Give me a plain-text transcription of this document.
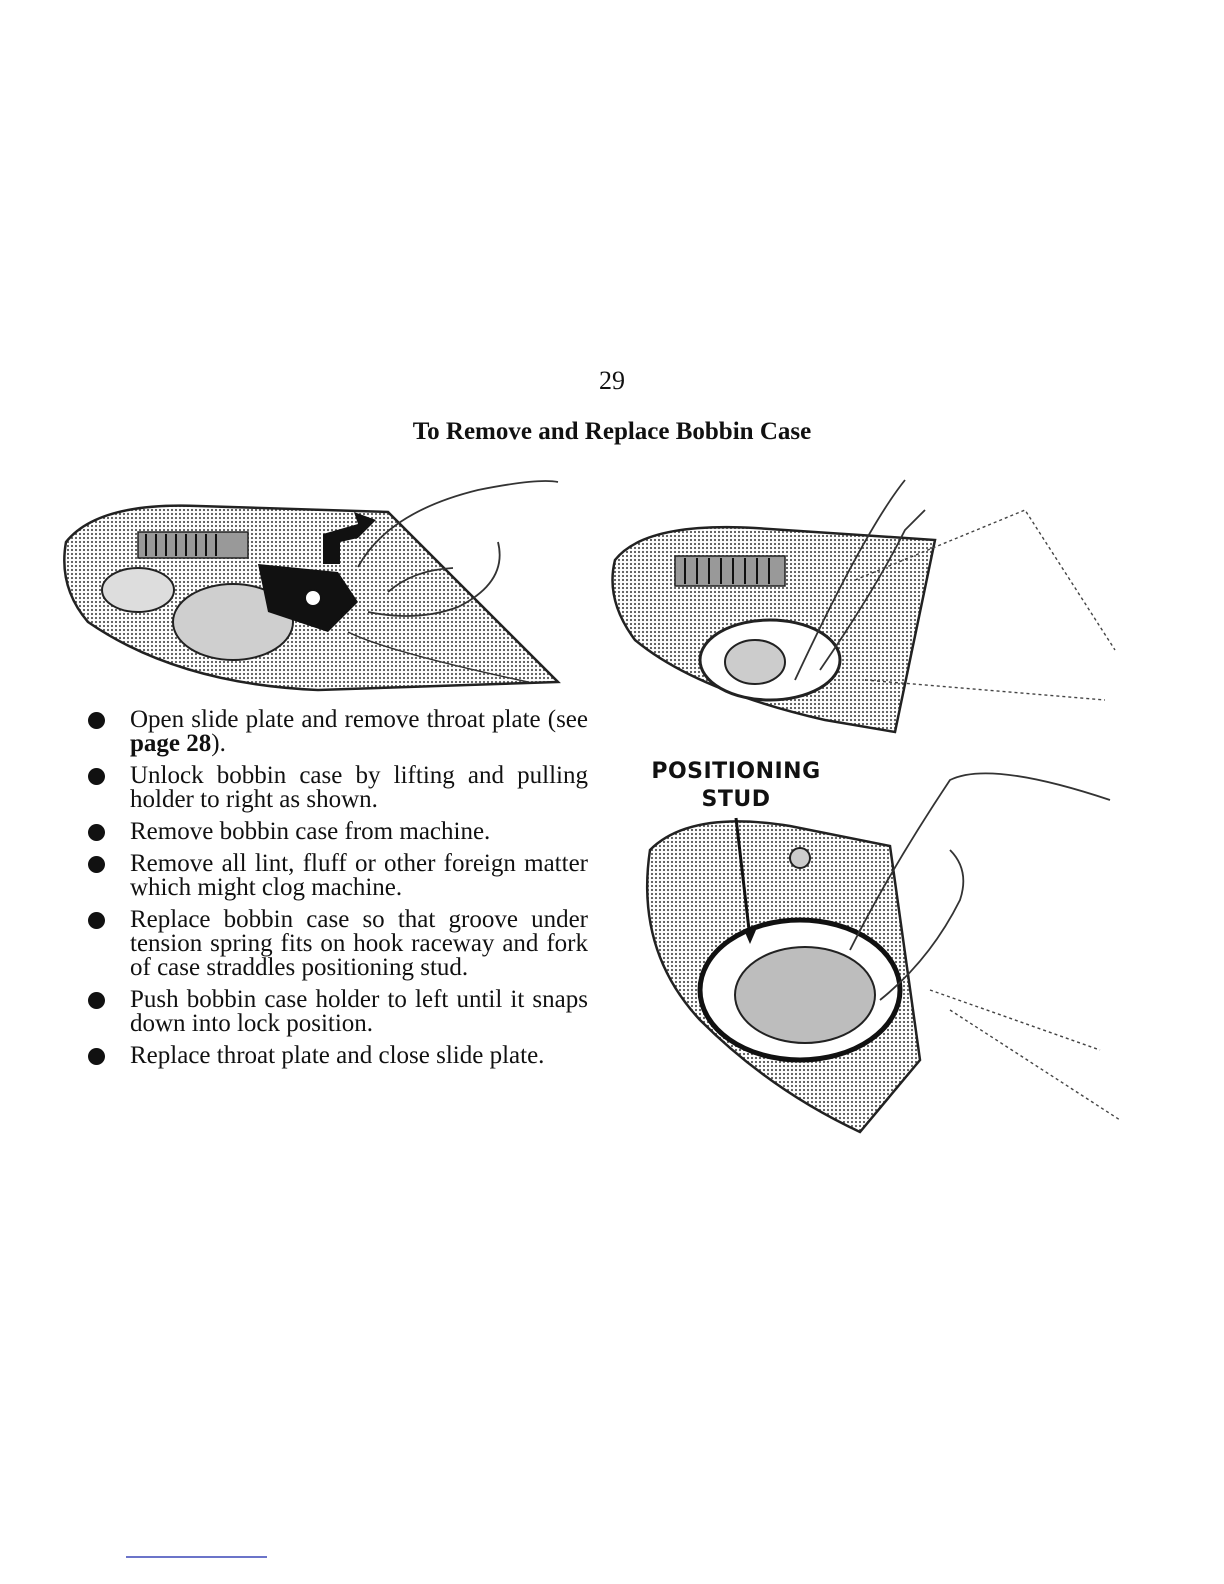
29
To Remove and Replace Bobbin Case
POSITIONING
STUD
Open slide plate and remove throat plate (see page 28).
Unlock bobbin case by lifting and pulling holder to right as shown.
Remove bobbin case from machine.
Remove all lint, fluff or other foreign matter which might clog machine.
Replace bobbin case so that groove under tension spring fits on hook raceway and fork of case straddles positioning stud.
Push bobbin case holder to left until it snaps down into lock position.
Replace throat plate and close slide plate.
